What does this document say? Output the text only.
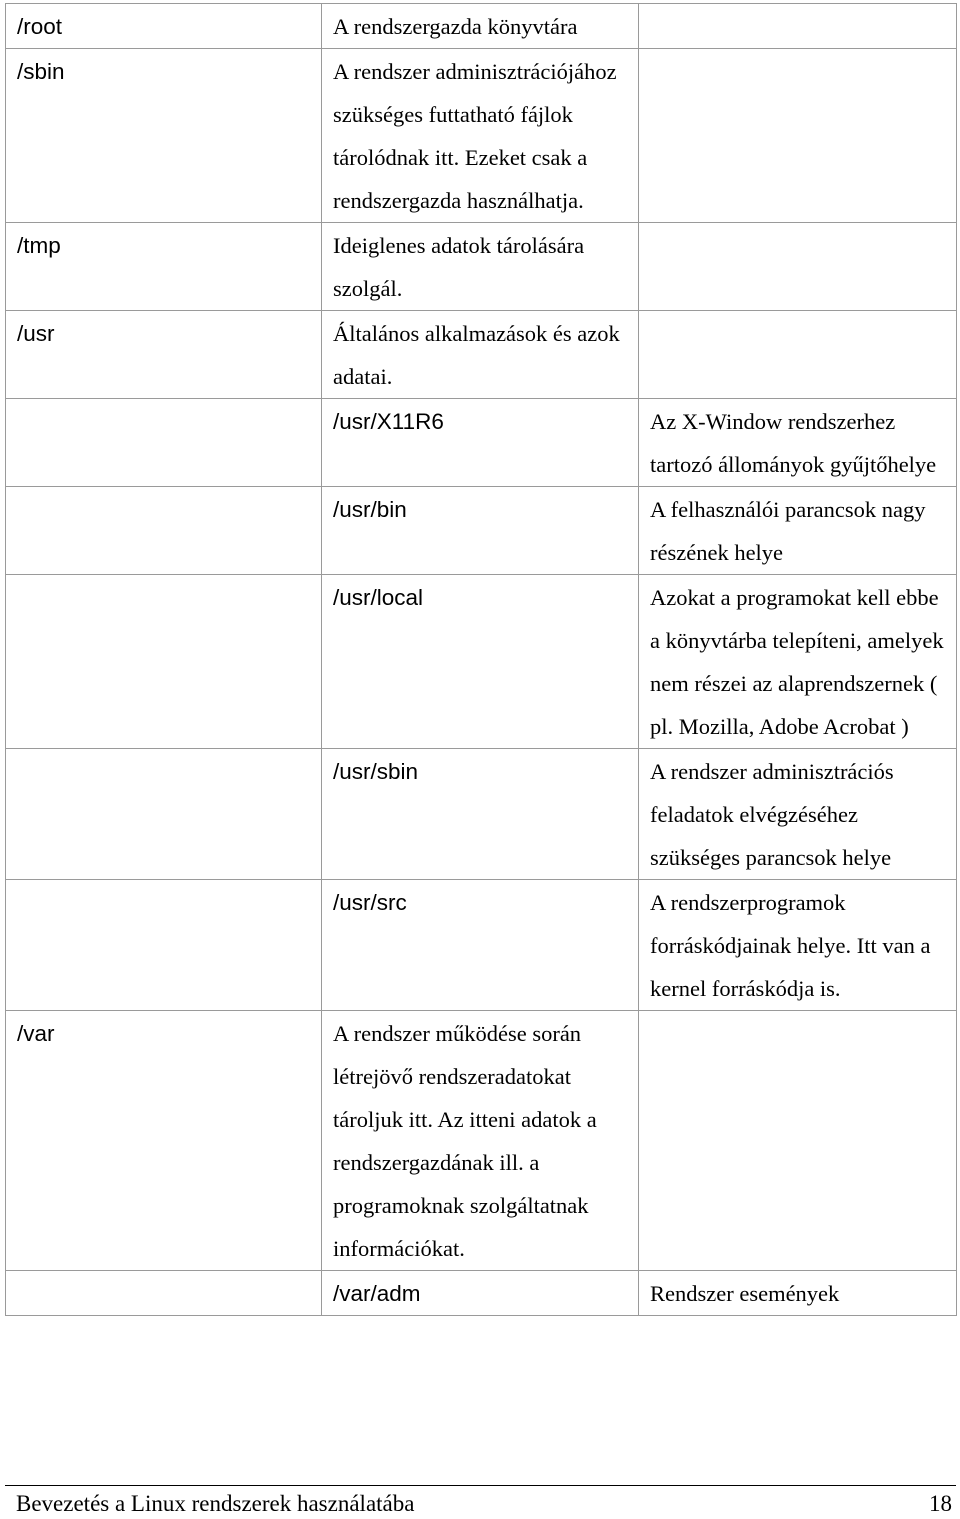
/root	A rendszergazda könyvtára	
/sbin	A rendszer adminisztrációjához szükséges futtatható fájlok tárolódnak itt. Ezeket csak a rendszergazda használhatja.	
/tmp	Ideiglenes adatok tárolására szolgál.	
/usr	Általános alkalmazások és azok adatai.	
	/usr/X11R6	Az X-Window rendszerhez tartozó állományok gyűjtőhelye
	/usr/bin	A felhasználói parancsok nagy részének helye
	/usr/local	Azokat a programokat kell ebbe a könyvtárba telepíteni, amelyek nem részei az alaprendszernek ( pl. Mozilla, Adobe Acrobat )
	/usr/sbin	A rendszer adminisztrációs feladatok elvégzéséhez szükséges parancsok helye
	/usr/src	A rendszerprogramok forráskódjainak helye. Itt van a kernel forráskódja is.
/var	A rendszer működése során létrejövő rendszeradatokat tároljuk itt. Az itteni adatok a rendszergazdának ill. a programoknak szolgáltatnak információkat.	
	/var/adm	Rendszer események
Bevezetés a Linux rendszerek használatába	18
